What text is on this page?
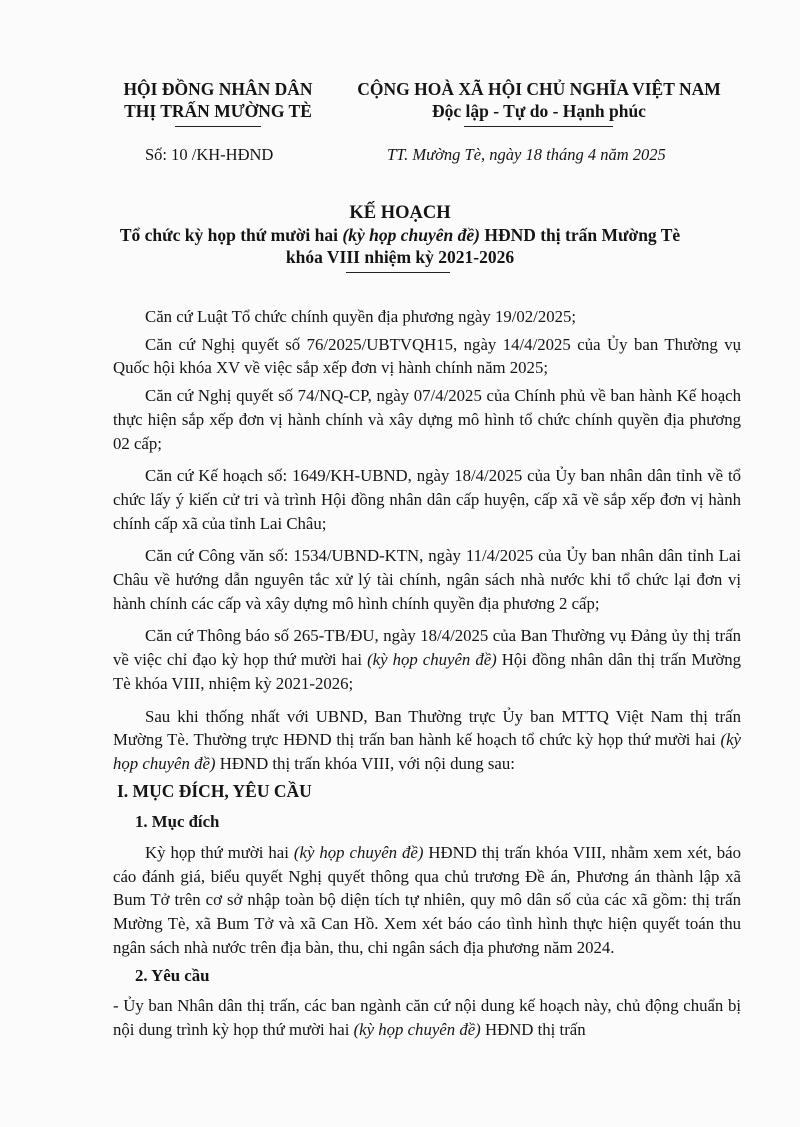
HỘI ĐỒNG NHÂN DÂN
THỊ TRẤN MƯỜNG TÈ
CỘNG HOÀ XÃ HỘI CHỦ NGHĨA VIỆT NAM
Độc lập - Tự do - Hạnh phúc
Số: 10 /KH-HĐND	TT. Mường Tè, ngày 18 tháng 4 năm 2025
KẾ HOẠCH
Tổ chức kỳ họp thứ mười hai (kỳ họp chuyên đề) HĐND thị trấn Mường Tè
khóa VIII nhiệm kỳ 2021-2026

Căn cứ Luật Tổ chức chính quyền địa phương ngày 19/02/2025;

Căn cứ Nghị quyết số 76/2025/UBTVQH15, ngày 14/4/2025 của Ủy ban Thường vụ Quốc hội khóa XV về việc sắp xếp đơn vị hành chính năm 2025;

Căn cứ Nghị quyết số 74/NQ-CP, ngày 07/4/2025 của Chính phủ về ban hành Kế hoạch thực hiện sắp xếp đơn vị hành chính và xây dựng mô hình tổ chức chính quyền địa phương 02 cấp;

Căn cứ Kế hoạch số: 1649/KH-UBND, ngày 18/4/2025 của Ủy ban nhân dân tỉnh về tổ chức lấy ý kiến cử tri và trình Hội đồng nhân dân cấp huyện, cấp xã về sắp xếp đơn vị hành chính cấp xã của tỉnh Lai Châu;

Căn cứ Công văn số: 1534/UBND-KTN, ngày 11/4/2025 của Ủy ban nhân dân tỉnh Lai Châu về hướng dẫn nguyên tắc xử lý tài chính, ngân sách nhà nước khi tổ chức lại đơn vị hành chính các cấp và xây dựng mô hình chính quyền địa phương 2 cấp;

Căn cứ Thông báo số 265-TB/ĐU, ngày 18/4/2025 của Ban Thường vụ Đảng ủy thị trấn về việc chỉ đạo kỳ họp thứ mười hai (kỳ họp chuyên đề) Hội đồng nhân dân thị trấn Mường Tè khóa VIII, nhiệm kỳ 2021-2026;

Sau khi thống nhất với UBND, Ban Thường trực Ủy ban MTTQ Việt Nam thị trấn Mường Tè. Thường trực HĐND thị trấn ban hành kế hoạch tổ chức kỳ họp thứ mười hai (kỳ họp chuyên đề) HĐND thị trấn khóa VIII, với nội dung sau:

I. MỤC ĐÍCH, YÊU CẦU
1. Mục đích

Kỳ họp thứ mười hai (kỳ họp chuyên đề) HĐND thị trấn khóa VIII, nhằm xem xét, báo cáo đánh giá, biểu quyết Nghị quyết thông qua chủ trương Đề án, Phương án thành lập xã Bum Tở trên cơ sở nhập toàn bộ diện tích tự nhiên, quy mô dân số của các xã gồm: thị trấn Mường Tè, xã Bum Tở và xã Can Hồ. Xem xét báo cáo tình hình thực hiện quyết toán thu ngân sách nhà nước trên địa bàn, thu, chi ngân sách địa phương năm 2024.

2. Yêu cầu

- Ủy ban Nhân dân thị trấn, các ban ngành căn cứ nội dung kế hoạch này, chủ động chuẩn bị nội dung trình kỳ họp thứ mười hai (kỳ họp chuyên đề) HĐND thị trấn
